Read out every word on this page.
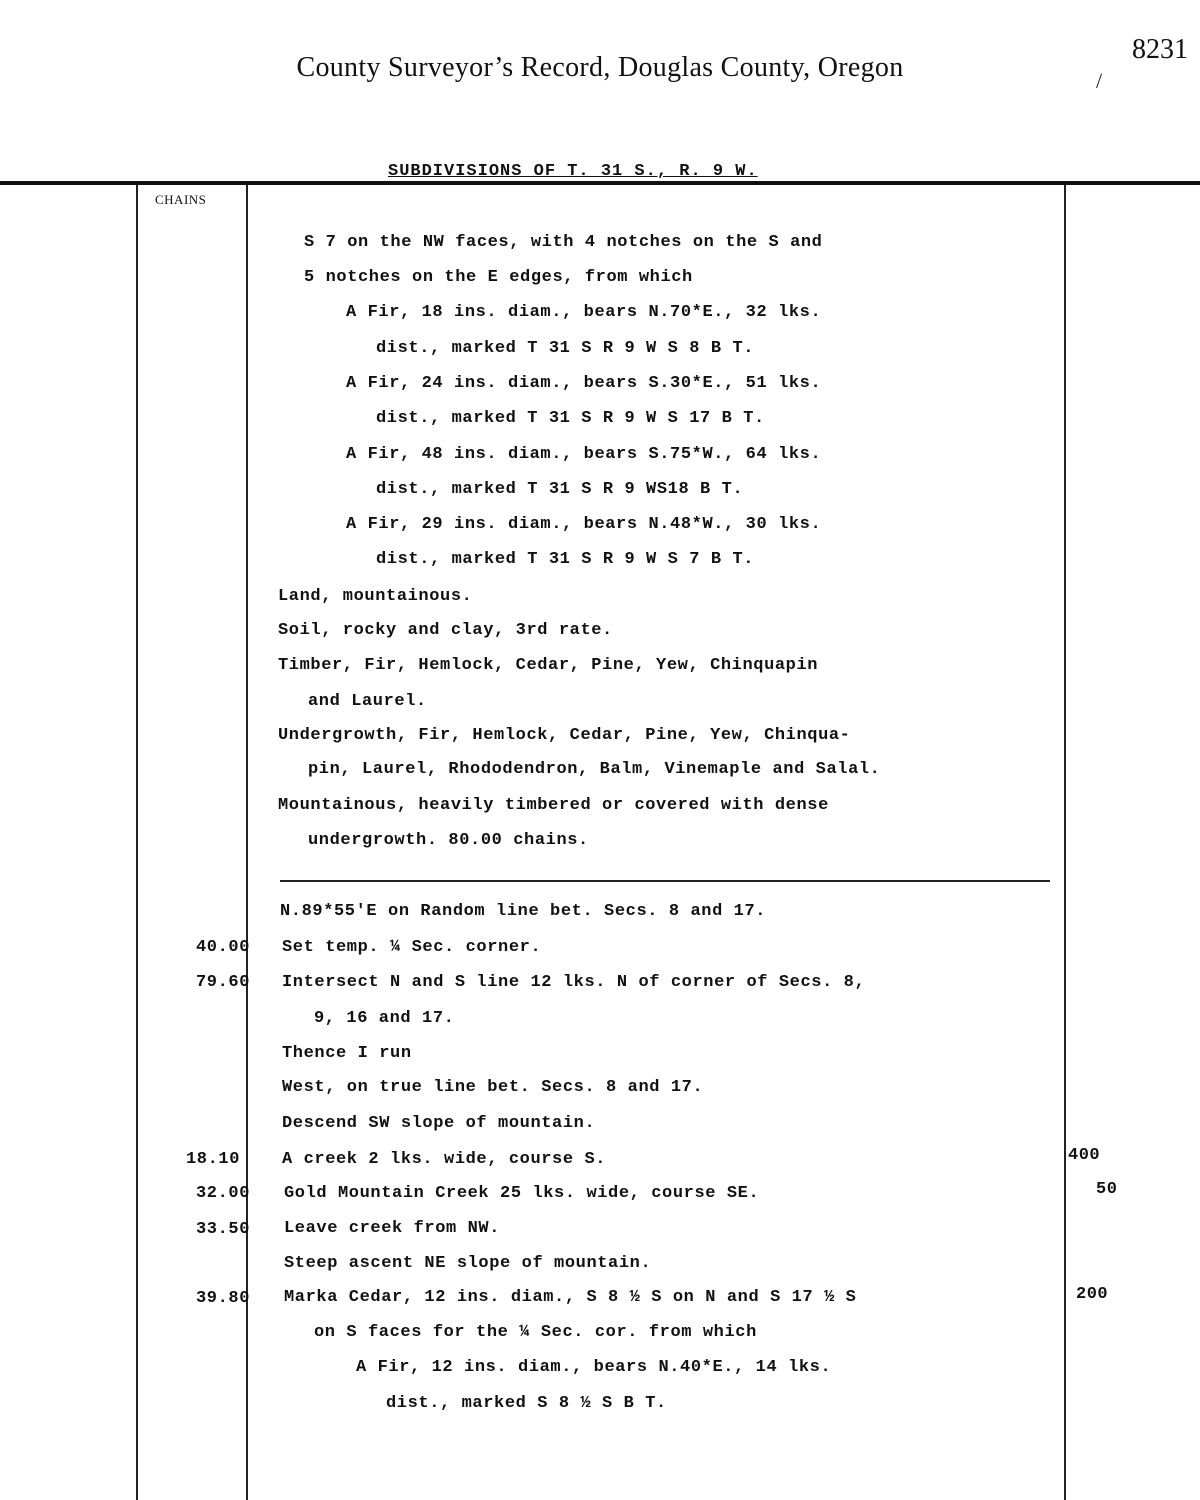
County Surveyor’s Record, Douglas County, Oregon
8231
/
SUBDIVISIONS OF T. 31 S., R. 9 W.
CHAINS
S 7 on the NW faces, with 4 notches on the S and
5 notches on the E edges, from which
A Fir, 18 ins. diam., bears N.70*E., 32 lks.
dist., marked T 31 S R 9 W S 8 B T.
A Fir, 24 ins. diam., bears S.30*E., 51 lks.
dist., marked T 31 S R 9 W S 17 B T.
A Fir, 48 ins. diam., bears S.75*W., 64 lks.
dist., marked T 31 S R 9 WS18 B T.
A Fir, 29 ins. diam., bears N.48*W., 30 lks.
dist., marked T 31 S R 9 W S 7 B T.
Land, mountainous.
Soil, rocky and clay, 3rd rate.
Timber, Fir, Hemlock, Cedar, Pine, Yew, Chinquapin
and Laurel.
Undergrowth, Fir, Hemlock, Cedar, Pine, Yew, Chinqua-
pin, Laurel, Rhododendron, Balm, Vinemaple and Salal.
Mountainous, heavily timbered or covered with dense
undergrowth. 80.00 chains.
N.89*55'E on Random line bet. Secs. 8 and 17.
40.00 Set temp. ¼ Sec. corner.
79.60 Intersect N and S line 12 lks. N of corner of Secs. 8,
9, 16 and 17.
Thence I run
West, on true line bet. Secs. 8 and 17.
Descend SW slope of mountain.
18.10 A creek 2 lks. wide, course S.	400
32.00 Gold Mountain Creek 25 lks. wide, course SE.	50
33.50 Leave creek from NW.
Steep ascent NE slope of mountain.
39.80 Marka Cedar, 12 ins. diam., S 8 ½ S on N and S 17 ½ S	200
on S faces for the ¼ Sec. cor. from which
A Fir, 12 ins. diam., bears N.40*E., 14 lks.
dist., marked S 8 ½ S B T.
